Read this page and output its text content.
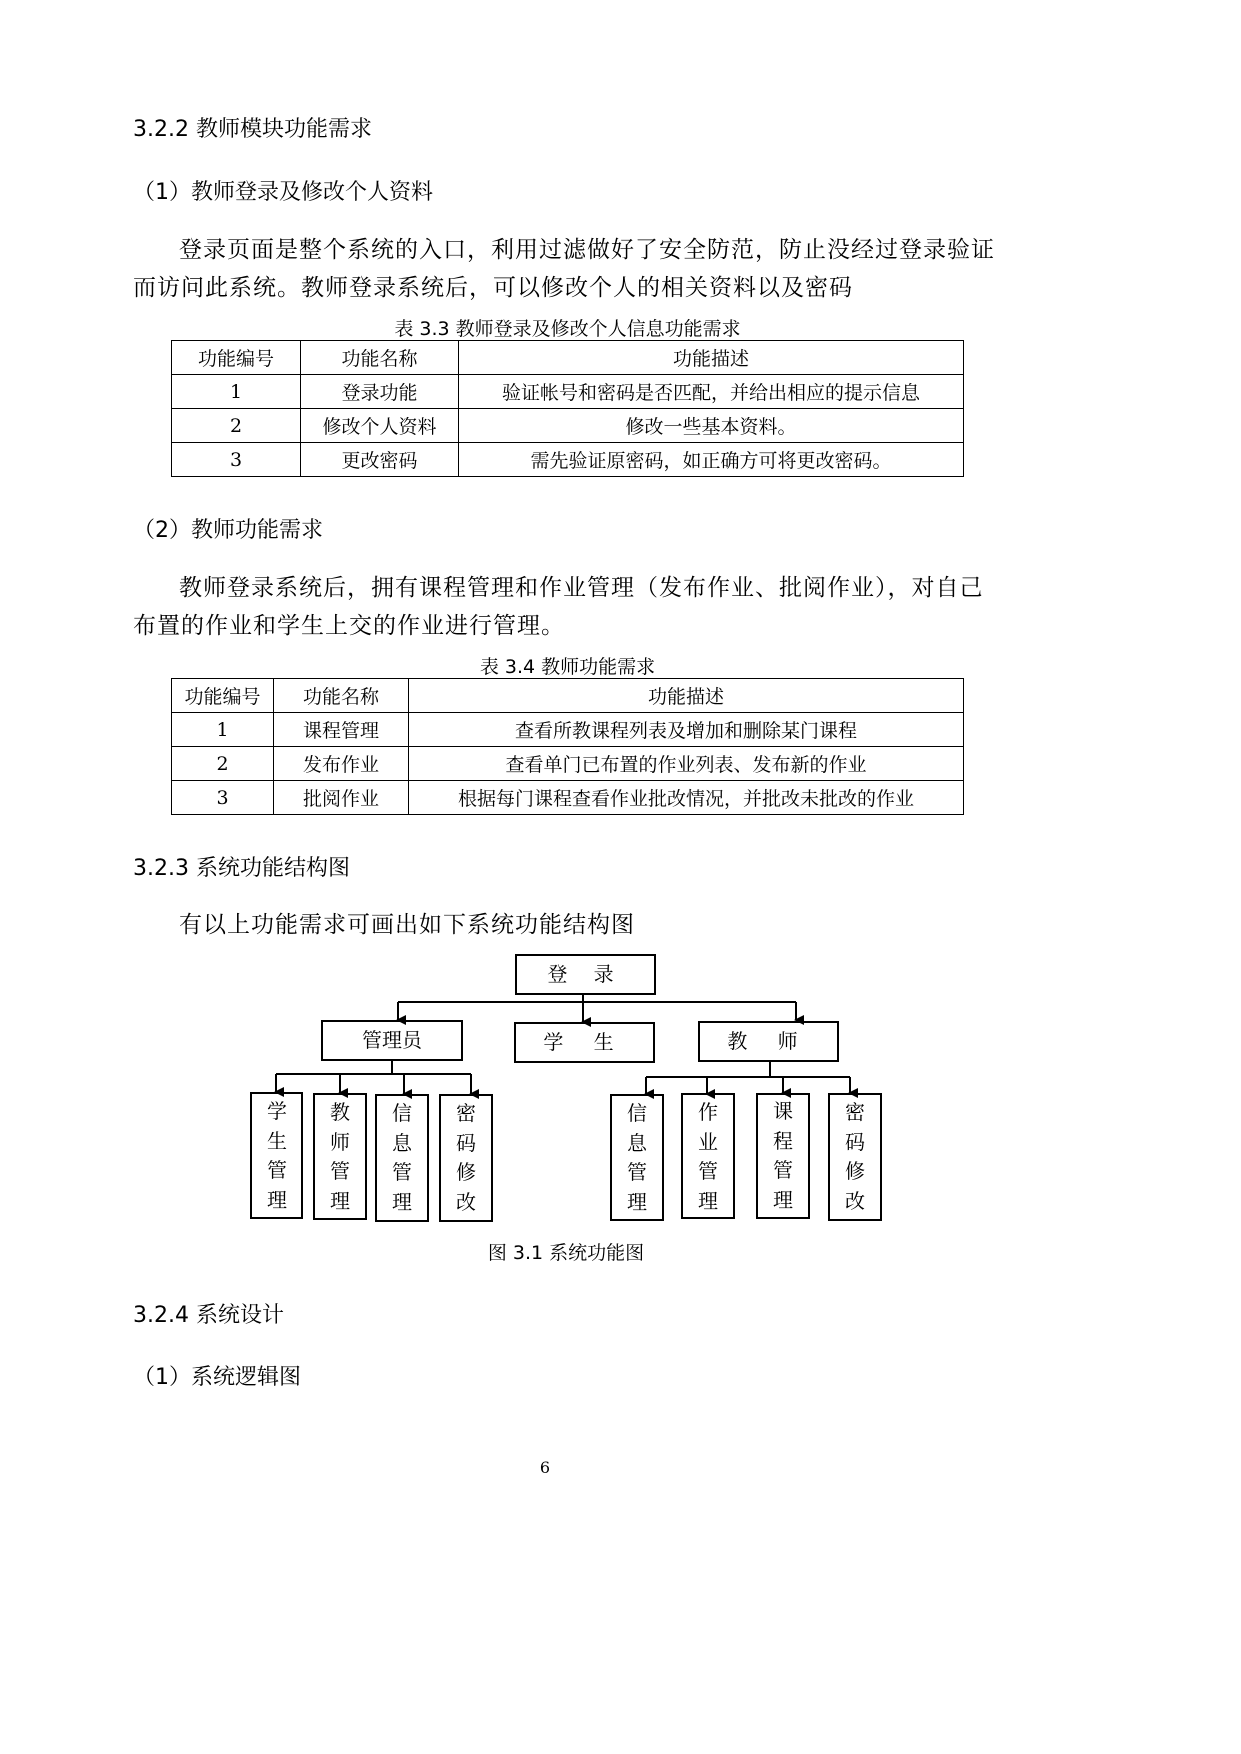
3.2.2 教师模块功能需求
（1）教师登录及修改个人资料
登录页面是整个系统的入口，利用过滤做好了安全防范，防止没经过登录验证而访问此系统。教师登录系统后，可以修改个人的相关资料以及密码
表 3.3 教师登录及修改个人信息功能需求
功能编号	功能名称	功能描述
1	登录功能	验证帐号和密码是否匹配，并给出相应的提示信息
2	修改个人资料	修改一些基本资料。
3	更改密码	需先验证原密码，如正确方可将更改密码。
（2）教师功能需求
教师登录系统后，拥有课程管理和作业管理（发布作业、批阅作业），对自己布置的作业和学生上交的作业进行管理。
表 3.4 教师功能需求
功能编号	功能名称	功能描述
1	课程管理	查看所教课程列表及增加和删除某门课程
2	发布作业	查看单门已布置的作业列表、发布新的作业
3	批阅作业	根据每门课程查看作业批改情况，并批改未批改的作业
3.2.3 系统功能结构图
有以上功能需求可画出如下系统功能结构图
登 录
管理员	学 生	教 师
学生管理
教师管理
信息管理
密码修改
信息管理
作业管理
课程管理
密码修改
图 3.1 系统功能图
3.2.4 系统设计
（1）系统逻辑图
6
